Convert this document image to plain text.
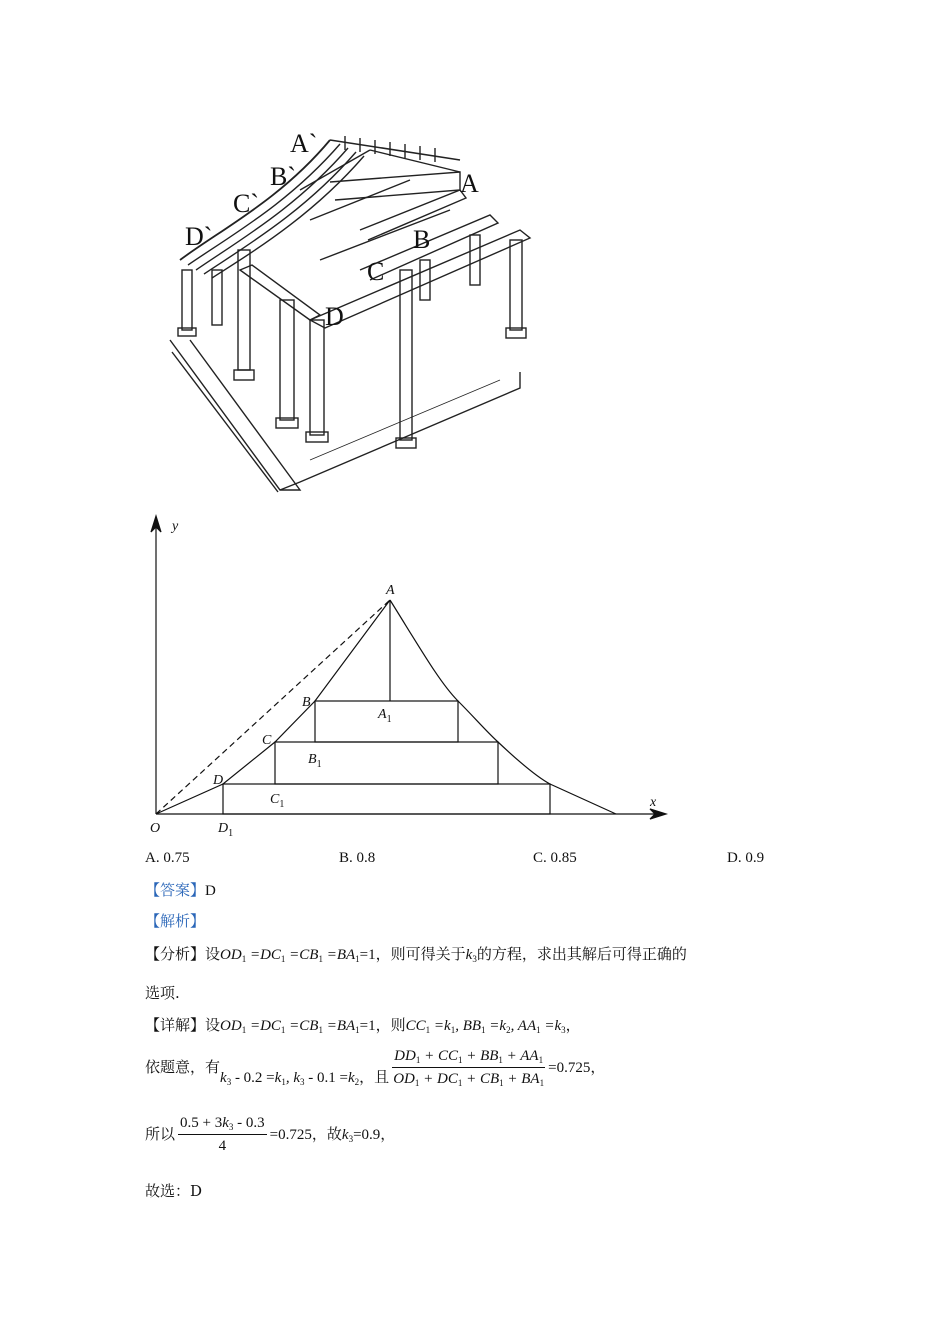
A`
B`
C`
D`
A
B
C
D
y
x
O
A
B
C
D
$A_1$
$B_1$
$C_1$
$D_1$
A. 0.75	B. 0.8	C. 0.85	D. 0.9
【答案】D
【解析】
【分析】设$OD_1 =DC_1 =CB_1 =BA_1=1$，则可得关于$k_3$的方程，求出其解后可得正确的
选项.
【详解】设$OD_1 =DC_1 =CB_1 =BA_1=1$，则$CC_1 =k_1$, $BB_1 =k_2$, $AA_1 =k_3$，
依题意，有$k_3 - 0.2 =k_1$, $k_3 - 0.1 =k_2$，且 $\frac{DD_1 + CC_1 + BB_1 + AA_1}{OD_1 + DC_1 + CB_1 + BA_1} =0.725$，
所以 $\frac{0.5 + 3k_3 - 0.3}{4} =0.725$，故$k_3=0.9$，
故选：D
